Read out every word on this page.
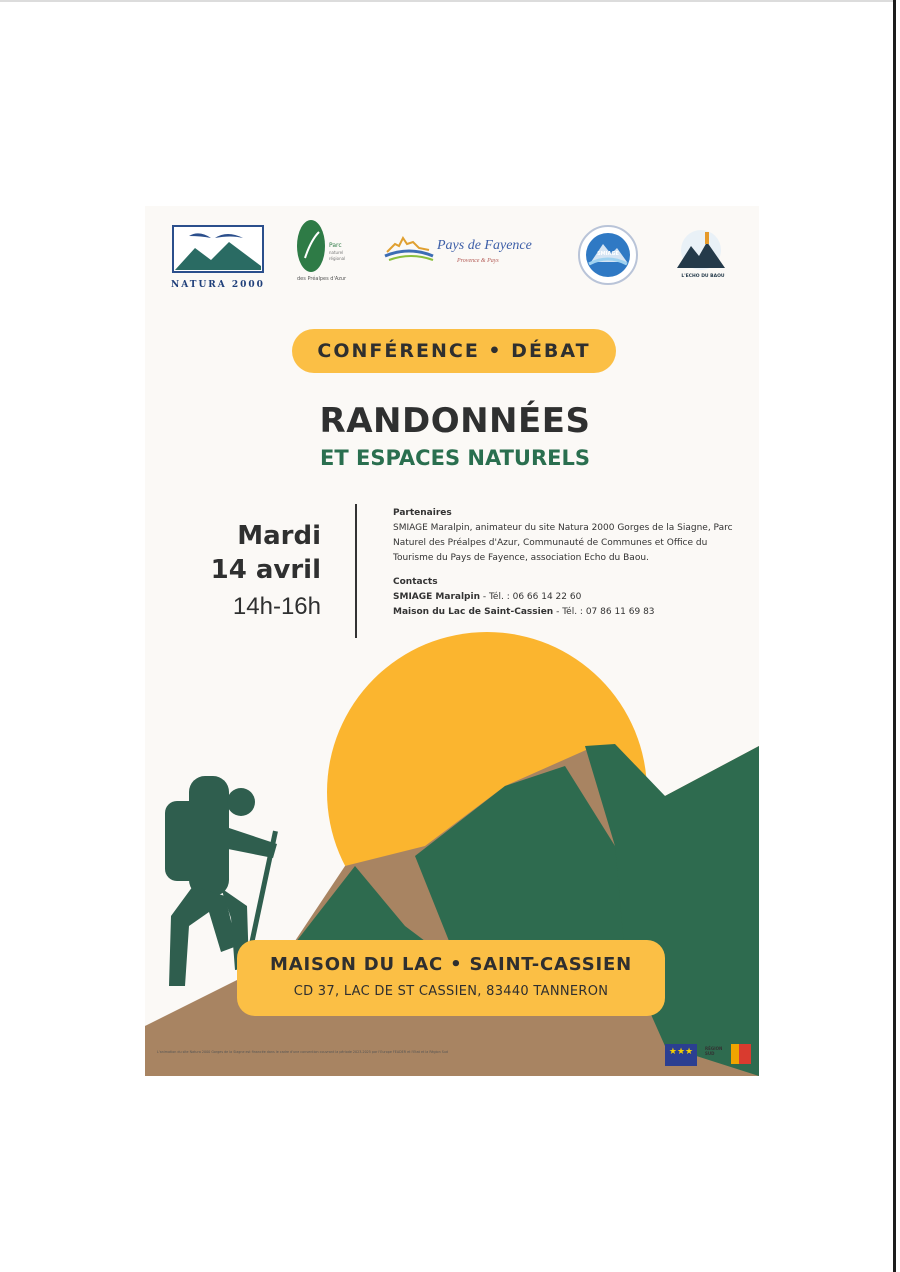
NATURA 2000
Parc
naturel
régional
des Préalpes d'Azur
Pays de Fayence
Provence & Pays
SMIAGE
L'ECHO DU BAOU
CONFÉRENCE • DÉBAT
RANDONNÉES
ET ESPACES NATURELS
Mardi
14 avril
14h-16h
Partenaires
SMIAGE Maralpin, animateur du site Natura 2000 Gorges de la Siagne, Parc Naturel des Préalpes d'Azur, Communauté de Communes et Office du Tourisme du Pays de Fayence, association Echo du Baou.
Contacts
SMIAGE Maralpin - Tél. : 06 66 14 22 60
Maison du Lac de Saint-Cassien - Tél. : 07 86 11 69 83
MAISON DU LAC • SAINT-CASSIEN
CD 37, LAC DE ST CASSIEN, 83440 TANNERON
L'animation du site Natura 2000 Gorges de la Siagne est financée dans le cadre d'une convention couvrant la période 2023-2025 par l'Europe FEADER et l'Etat et la Région Sud	★★★	RÉGION SUD
